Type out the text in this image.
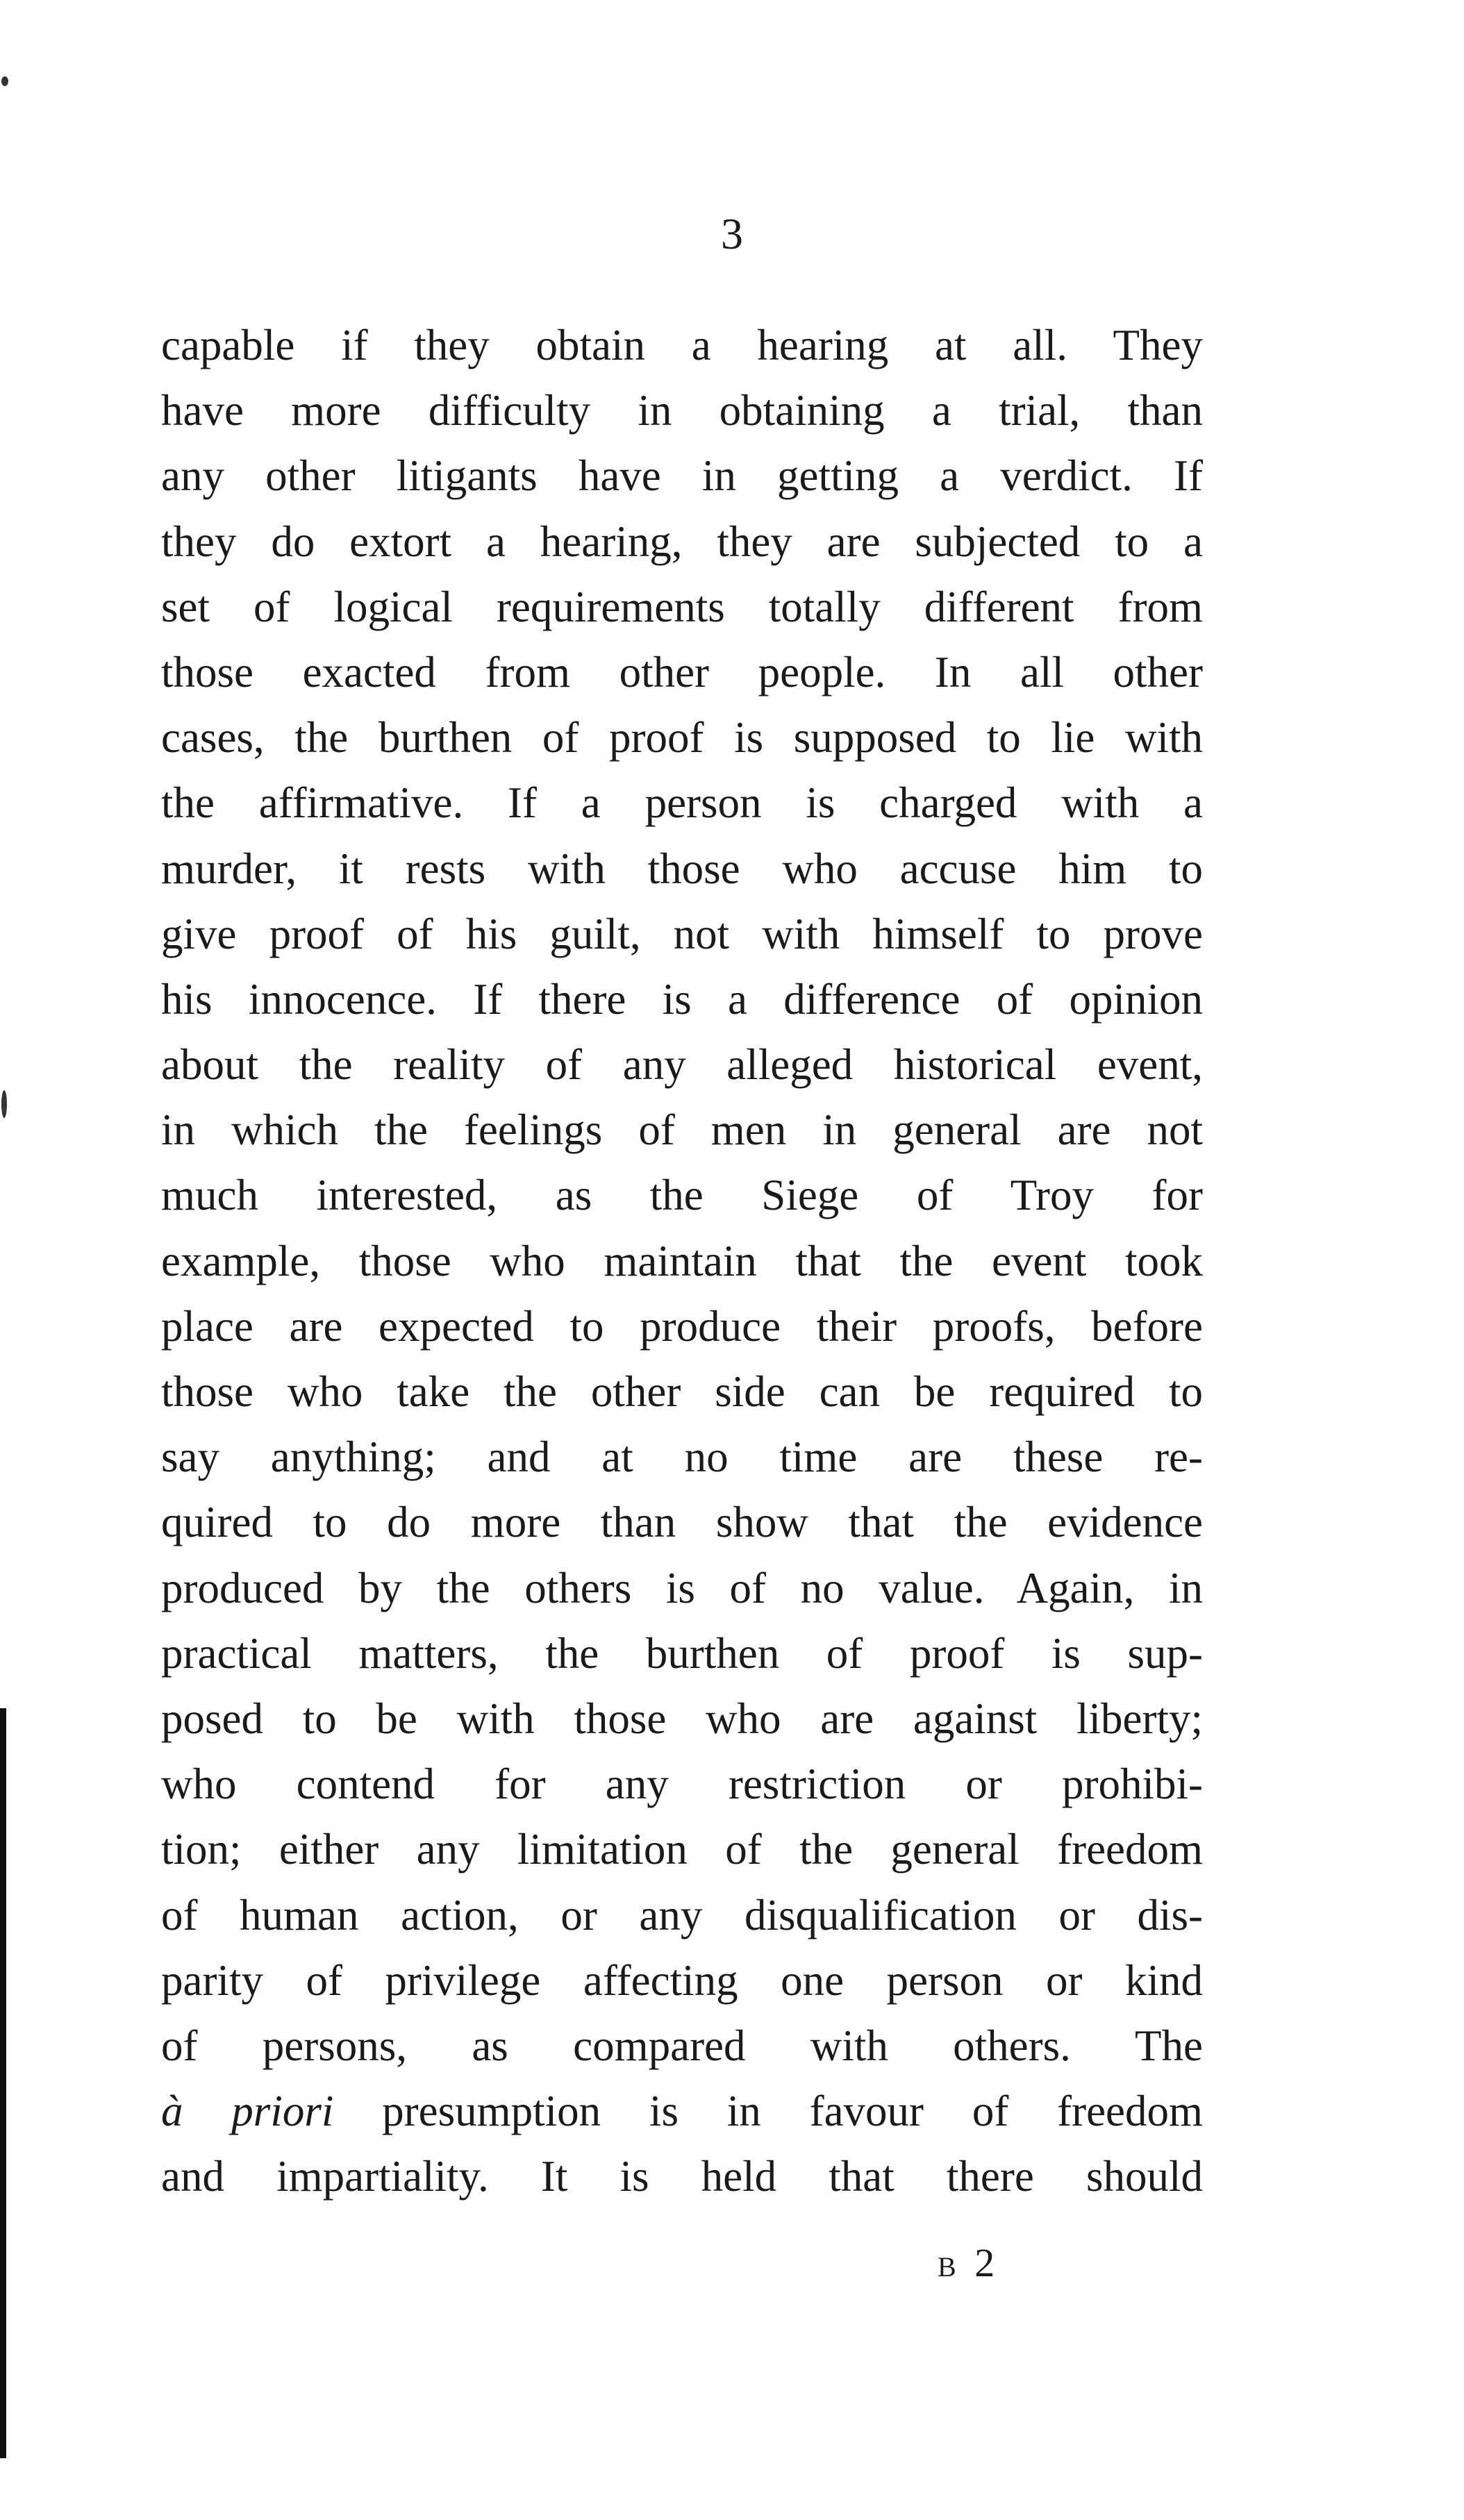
3
capable if they obtain a hearing at all. They
have more difficulty in obtaining a trial, than
any other litigants have in getting a verdict. If
they do extort a hearing, they are subjected to a
set of logical requirements totally different from
those exacted from other people. In all other
cases, the burthen of proof is supposed to lie with
the affirmative. If a person is charged with a
murder, it rests with those who accuse him to
give proof of his guilt, not with himself to prove
his innocence. If there is a difference of opinion
about the reality of any alleged historical event,
in which the feelings of men in general are not
much interested, as the Siege of Troy for
example, those who maintain that the event took
place are expected to produce their proofs, before
those who take the other side can be required to
say anything; and at no time are these re-
quired to do more than show that the evidence
produced by the others is of no value. Again, in
practical matters, the burthen of proof is sup-
posed to be with those who are against liberty;
who contend for any restriction or prohibi-
tion; either any limitation of the general freedom
of human action, or any disqualification or dis-
parity of privilege affecting one person or kind
of persons, as compared with others. The
à priori presumption is in favour of freedom
and impartiality. It is held that there should
B 2
